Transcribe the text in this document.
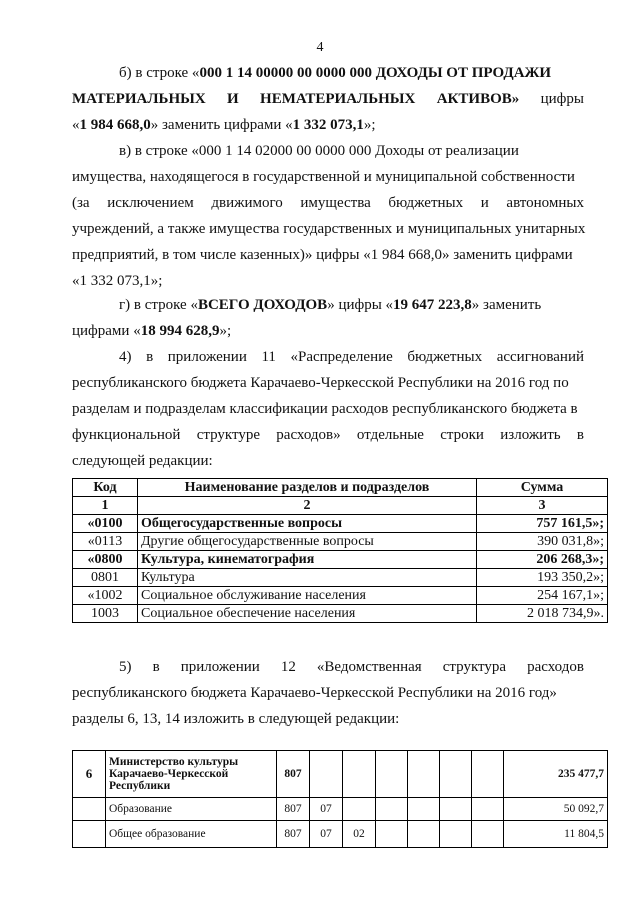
4
б) в строке «000 1 14 00000 00 0000 000 ДОХОДЫ ОТ ПРОДАЖИ
МАТЕРИАЛЬНЫХ И НЕМАТЕРИАЛЬНЫХ АКТИВОВ» цифры
«1 984 668,0» заменить цифрами «1 332 073,1»;
в) в строке «000 1 14 02000 00 0000 000 Доходы от реализации
имущества, находящегося в государственной и муниципальной собственности
(за исключением движимого имущества бюджетных и автономных
учреждений, а также имущества государственных и муниципальных унитарных
предприятий, в том числе казенных)» цифры «1 984 668,0» заменить цифрами
«1 332 073,1»;
г) в строке «ВСЕГО ДОХОДОВ» цифры «19 647 223,8» заменить
цифрами «18 994 628,9»;
4) в приложении 11 «Распределение бюджетных ассигнований
республиканского бюджета Карачаево-Черкесской Республики на 2016 год по
разделам и подразделам классификации расходов республиканского бюджета в
функциональной структуре расходов» отдельные строки изложить в
следующей редакции:
Код	Наименование разделов и подразделов	Сумма
1	2	3
«0100	Общегосударственные вопросы	757 161,5»;
«0113	Другие общегосударственные вопросы	390 031,8»;
«0800	Культура, кинематография	206 268,3»;
0801	Культура	193 350,2»;
«1002	Социальное обслуживание населения	254 167,1»;
1003	Социальное обеспечение населения	2 018 734,9».
5) в приложении 12 «Ведомственная структура расходов
республиканского бюджета Карачаево-Черкесской Республики на 2016 год»
разделы 6, 13, 14 изложить в следующей редакции:
6	Министерство культуры Карачаево-Черкесской Республики	807							235 477,7
	Образование	807	07						50 092,7
	Общее образование	807	07	02					11 804,5
